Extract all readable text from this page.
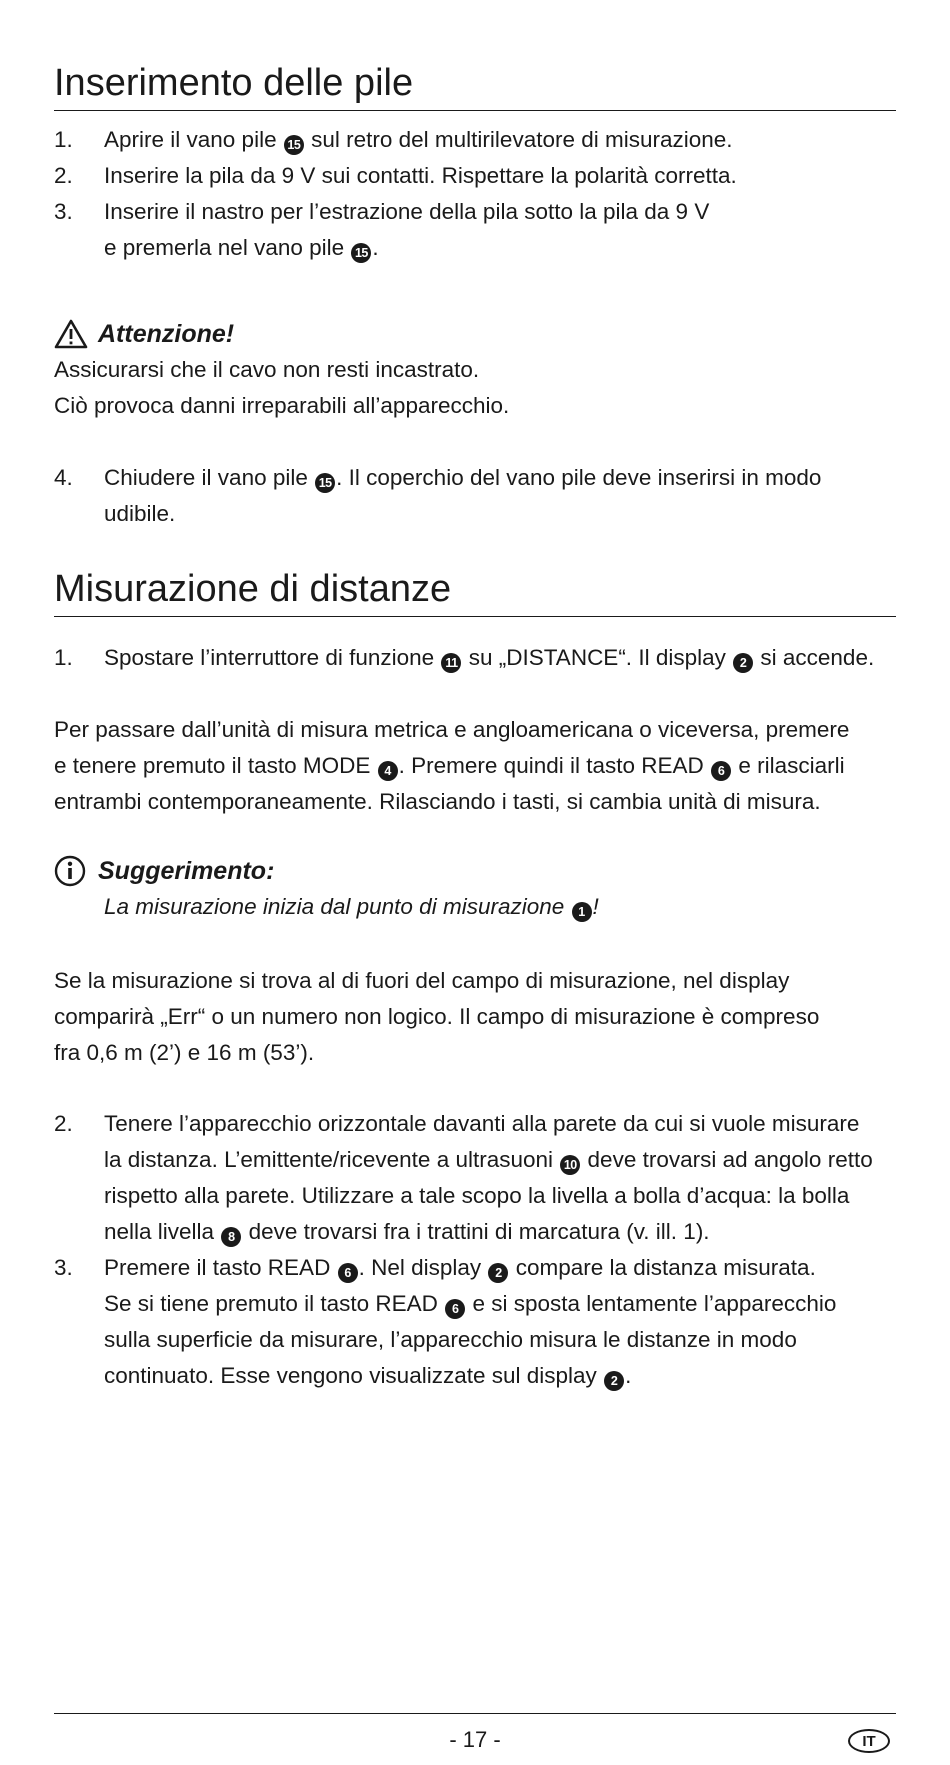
Inserimento delle pile
1. Aprire il vano pile 15 sul retro del multirilevatore di misurazione.
2. Inserire la pila da 9 V sui contatti. Rispettare la polarità corretta.
3. Inserire il nastro per l’estrazione della pila sotto la pila da 9 V
e premerla nel vano pile 15 .
Attenzione!

Assicurarsi che il cavo non resti incastrato.

Ciò provoca danni irreparabili all’apparecchio.

4. Chiudere il vano pile 15 . Il coperchio del vano pile deve inserirsi in modo
udibile.
Misurazione di distanze
1. Spostare l’interruttore di funzione 11 su „DISTANCE“. Il display 2 si accende.
Per passare dall’unità di misura metrica e angloamericana o viceversa, premere
e tenere premuto il tasto MODE 4 . Premere quindi il tasto READ 6 e rilasciarli
entrambi contemporaneamente. Rilasciando i tasti, si cambia unità di misura.
Suggerimento:
La misurazione inizia dal punto di misurazione 1 !
Se la misurazione si trova al di fuori del campo di misurazione, nel display
comparirà „Err“ o un numero non logico. Il campo di misurazione è compreso
fra 0,6 m (2’) e 16 m (53’).
2. Tenere l’apparecchio orizzontale davanti alla parete da cui si vuole misurare
la distanza. L’emittente/ricevente a ultrasuoni 10 deve trovarsi ad angolo retto
rispetto alla parete. Utilizzare a tale scopo la livella a bolla d’acqua: la bolla
nella livella 8 deve trovarsi fra i trattini di marcatura (v. ill. 1).
3. Premere il tasto READ 6 . Nel display 2 compare la distanza misurata.
Se si tiene premuto il tasto READ 6 e si sposta lentamente l’apparecchio
sulla superficie da misurare, l’apparecchio misura le distanze in modo
continuato. Esse vengono visualizzate sul display 2 .
- 17 -	IT
